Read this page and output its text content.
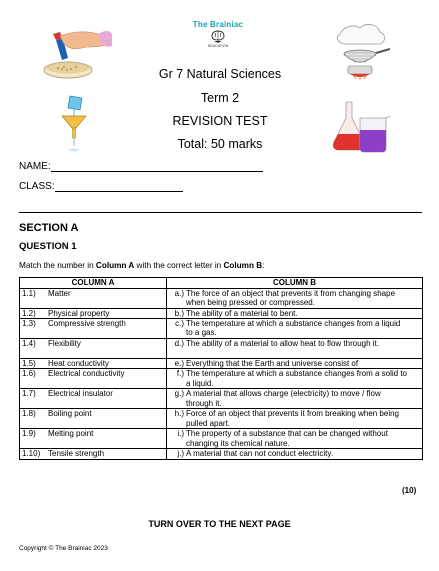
The Brainiac
EDUCATION
Gr 7 Natural Sciences
Term 2
REVISION TEST
Total: 50 marks
NAME:
CLASS:
SECTION A
QUESTION 1
Match the number in Column A with the correct letter in Column B:
COLUMN A	COLUMN B
1.1) Matter	a.) The force of an object that prevents it from changing shape when being pressed or compressed.
1.2) Physical property	b.) The ability of a material to bent.
1.3) Compressive strength	c.) The temperature at which a substance changes from a liquid to a gas.
1.4) Flexibility	d.) The ability of a material to allow heat to flow through it.
1.5) Heat conductivity	e.) Everything that the Earth and universe consist of
1.6) Electrical conductivity	f.) The temperature at which a substance changes from a solid to a liquid.
1.7) Electrical insulator	g.) A material that allows charge (electricity) to move / flow through it.
1.8) Boiling point	h.) Force of an object that prevents it from breaking when being pulled apart.
1.9) Melting point	i.) The property of a substance that can be changed without changing its chemical nature.
1.10) Tensile strength	j.) A material that can not conduct electricity.
(10)
TURN OVER TO THE NEXT PAGE
Copyright © The Brainiac 2023
